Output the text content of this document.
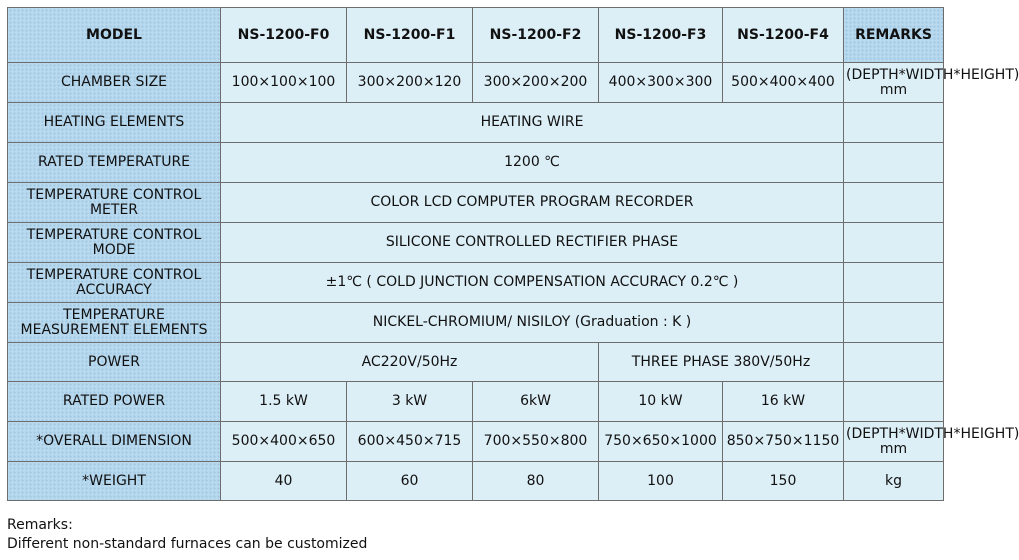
MODEL	NS-1200-F0	NS-1200-F1	NS-1200-F2	NS-1200-F3	NS-1200-F4	REMARKS
CHAMBER SIZE	100×100×100	300×200×120	300×200×200	400×300×300	500×400×400	(DEPTH*WIDTH*HEIGHT) mm
HEATING ELEMENTS	HEATING WIRE					
RATED TEMPERATURE	1200 ℃					
TEMPERATURE CONTROL METER	COLOR LCD COMPUTER PROGRAM RECORDER					
TEMPERATURE CONTROL MODE	SILICONE CONTROLLED RECTIFIER PHASE					
TEMPERATURE CONTROL ACCURACY	±1℃ ( COLD JUNCTION COMPENSATION ACCURACY 0.2℃ )					
TEMPERATURE MEASUREMENT ELEMENTS	NICKEL-CHROMIUM/ NISILOY (Graduation : K )					
POWER	AC220V/50Hz			THREE PHASE 380V/50Hz		
RATED POWER	1.5 kW	3 kW	6kW	10 kW	16 kW	
*OVERALL DIMENSION	500×400×650	600×450×715	700×550×800	750×650×1000	850×750×1150	(DEPTH*WIDTH*HEIGHT) mm
*WEIGHT	40	60	80	100	150	kg
Remarks:
Different non-standard furnaces can be customized
